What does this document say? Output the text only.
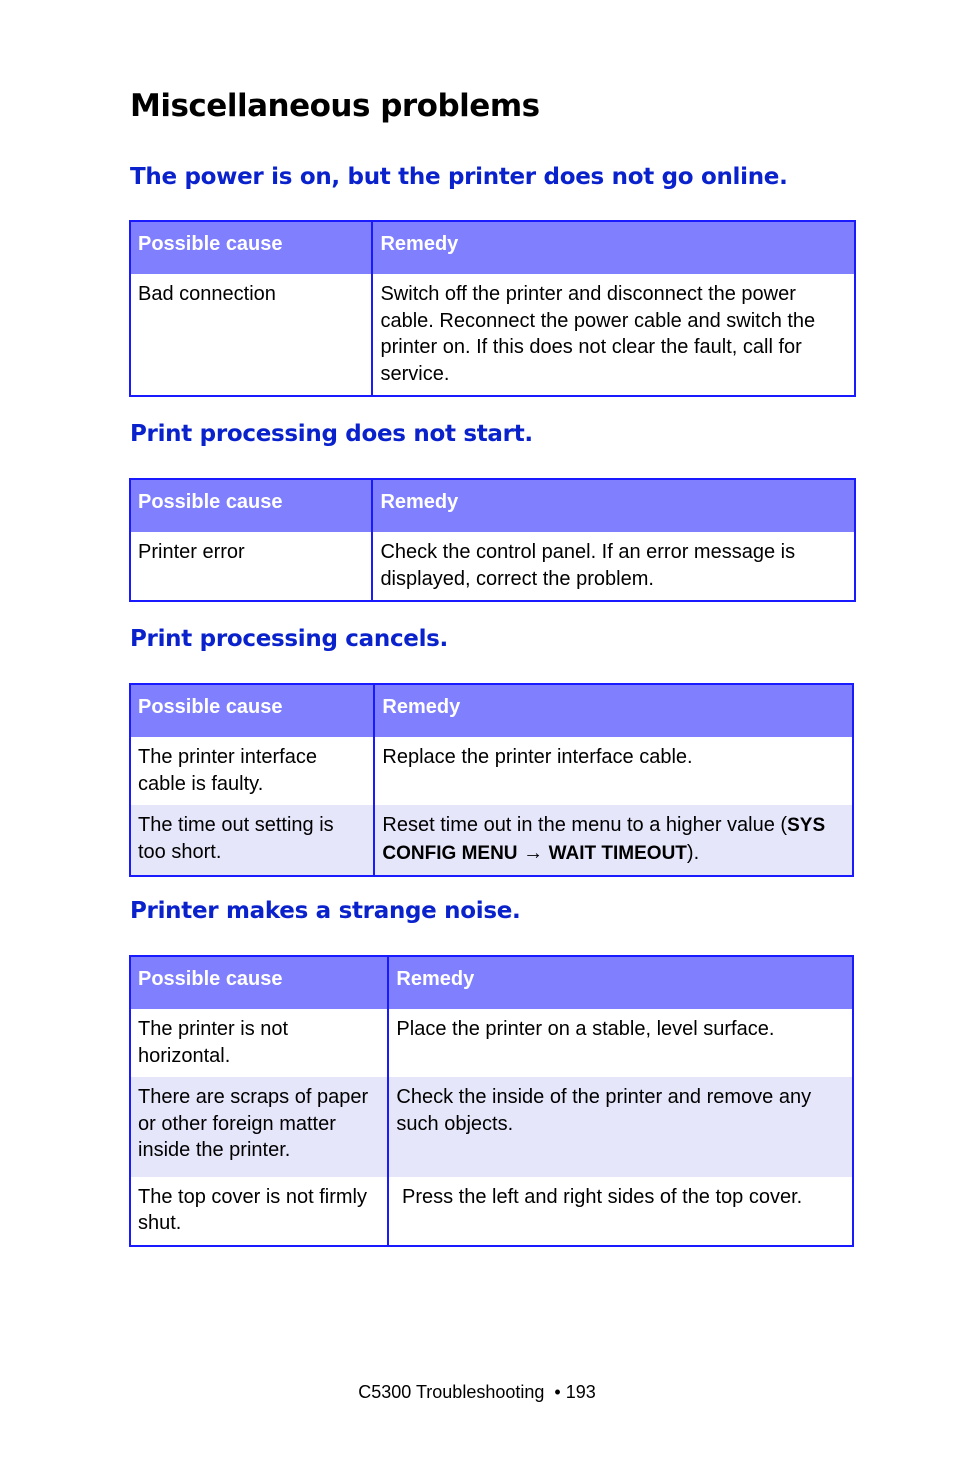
Miscellaneous problems
The power is on, but the printer does not go online.
Possible cause	Remedy
Bad connection	Switch off the printer and disconnect the power cable. Reconnect the power cable and switch the printer on. If this does not clear the fault, call for service.
Print processing does not start.
Possible cause	Remedy
Printer error	Check the control panel. If an error message is displayed, correct the problem.
Print processing cancels.
Possible cause	Remedy
The printer interface cable is faulty.	Replace the printer interface cable.
The time out setting is too short.	Reset time out in the menu to a higher value (SYS CONFIG MENU → WAIT TIMEOUT).
Printer makes a strange noise.
Possible cause	Remedy
The printer is not horizontal.	Place the printer on a stable, level surface.
There are scraps of paper or other foreign matter inside the printer.	Check the inside of the printer and remove any such objects.
The top cover is not firmly shut.	Press the left and right sides of the top cover.
C5300 Troubleshooting  • 193
